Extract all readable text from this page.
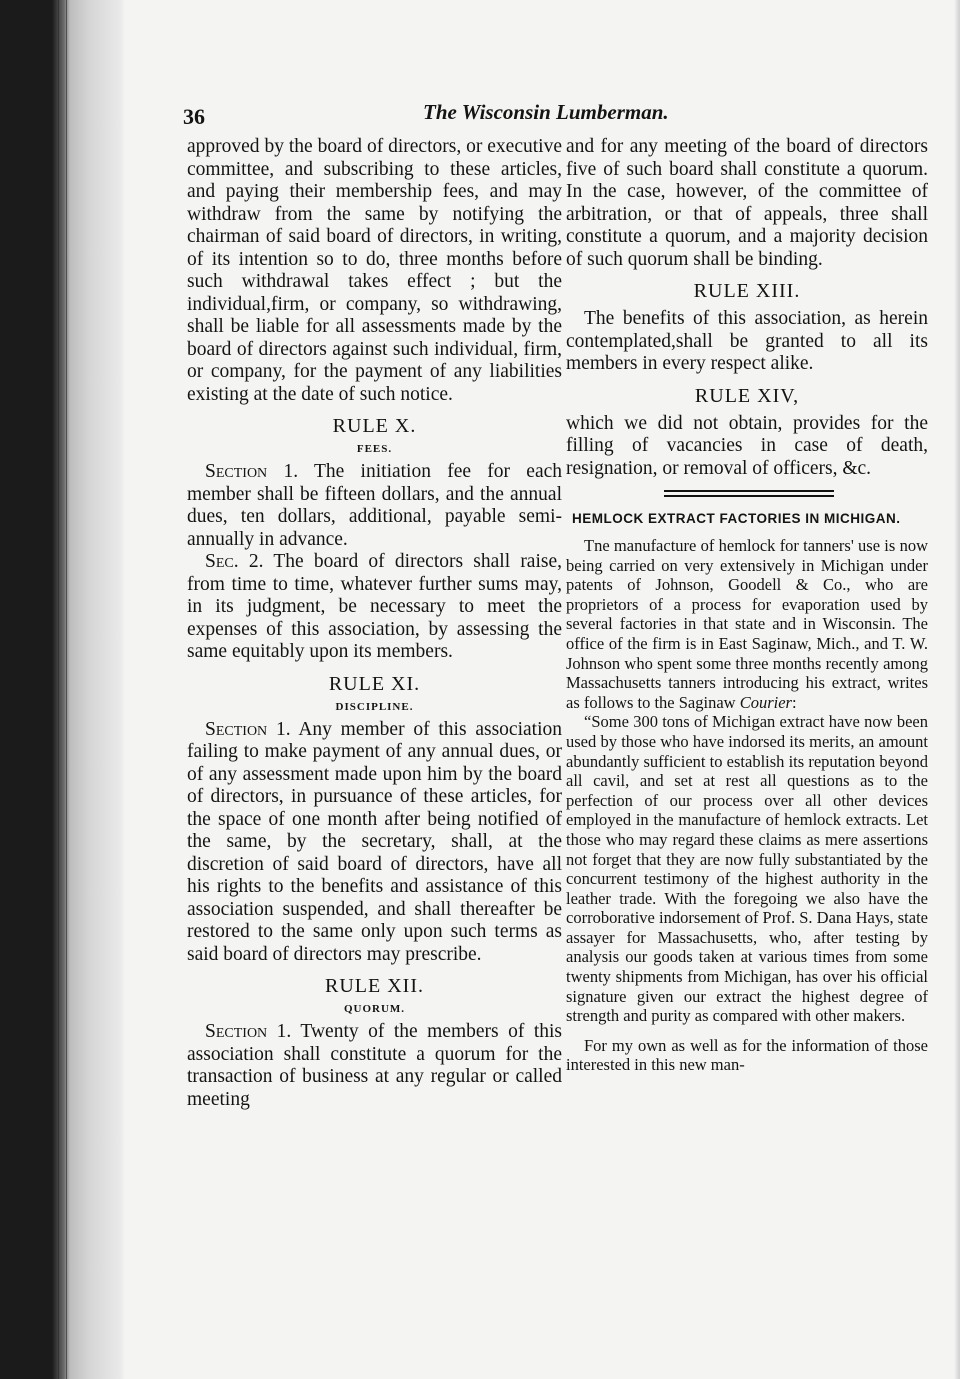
36	The Wisconsin Lumberman.

approved by the board of directors, or executive committee, and subscribing to these articles, and paying their membership fees, and may withdraw from the same by notifying the chairman of said board of directors, in writing, of its intention so to do, three months before such withdrawal takes effect ; but the individual,firm, or company, so withdrawing, shall be liable for all assessments made by the board of directors against such individual, firm, or company, for the payment of any liabilities existing at the date of such notice.

RULE X.
FEES.

Section 1. The initiation fee for each member shall be fifteen dollars, and the annual dues, ten dollars, additional, payable semi-annually in advance.

Sec. 2. The board of directors shall raise, from time to time, whatever further sums may, in its judgment, be necessary to meet the expenses of this association, by assessing the same equitably upon its members.

RULE XI.
DISCIPLINE.

Section 1. Any member of this association failing to make payment of any annual dues, or of any assessment made upon him by the board of directors, in pursuance of these articles, for the space of one month after being notified of the same, by the secretary, shall, at the discretion of said board of directors, have all his rights to the benefits and assistance of this association suspended, and shall thereafter be restored to the same only upon such terms as said board of directors may prescribe.

RULE XII.
QUORUM.

Section 1. Twenty of the members of this association shall constitute a quorum for the transaction of business at any regular or called meeting

and for any meeting of the board of directors five of such board shall constitute a quorum. In the case, however, of the committee of arbitration, or that of appeals, three shall constitute a quorum, and a majority decision of such quorum shall be binding.

RULE XIII.

The benefits of this association, as herein contemplated,shall be granted to all its members in every respect alike.

RULE XIV,

which we did not obtain, provides for the filling of vacancies in case of death, resignation, or removal of officers, &c.

HEMLOCK EXTRACT FACTORIES IN MICHIGAN.

Tne manufacture of hemlock for tanners' use is now being carried on very extensively in Michigan under patents of Johnson, Goodell & Co., who are proprietors of a process for evaporation used by several factories in that state and in Wisconsin. The office of the firm is in East Saginaw, Mich., and T. W. Johnson who spent some three months recently among Massachusetts tanners introducing his extract, writes as follows to the Saginaw Courier:

“Some 300 tons of Michigan extract have now been used by those who have indorsed its merits, an amount abundantly sufficient to establish its reputation beyond all cavil, and set at rest all questions as to the perfection of our process over all other devices employed in the manufacture of hemlock extracts. Let those who may regard these claims as mere assertions not forget that they are now fully substantiated by the concurrent testimony of the highest authority in the leather trade. With the foregoing we also have the corroborative indorsement of Prof. S. Dana Hays, state assayer for Massachusetts, who, after testing by analysis our goods taken at various times from some twenty shipments from Michigan, has over his official signature given our extract the highest degree of strength and purity as compared with other makers.

For my own as well as for the information of those interested in this new man-
